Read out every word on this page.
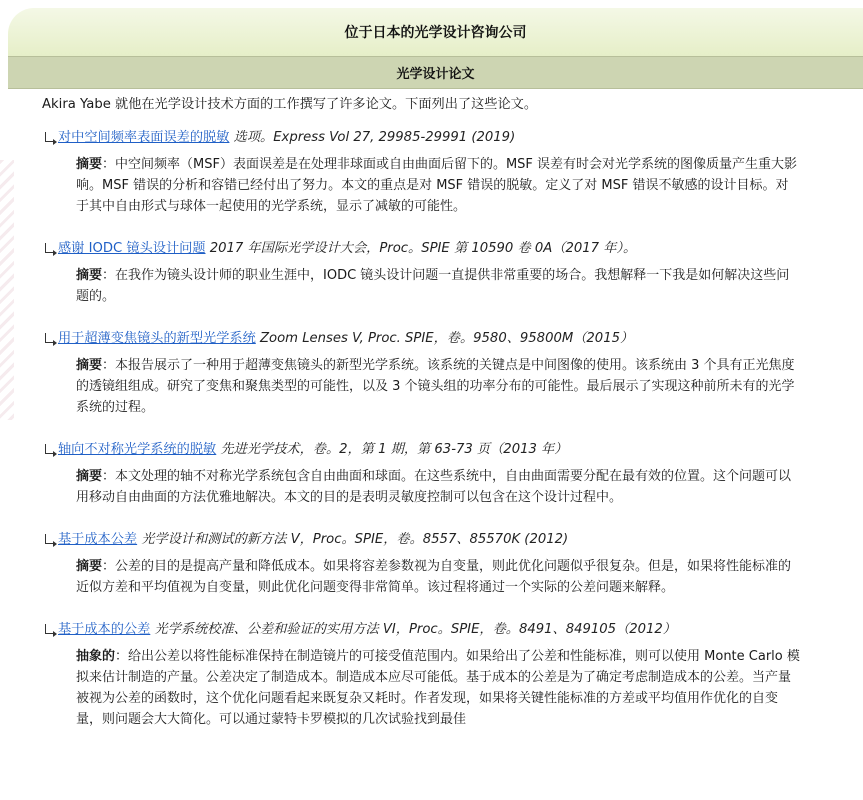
位于日本的光学设计咨询公司
光学设计论文

Akira Yabe 就他在光学设计技术方面的工作撰写了许多论文。下面列出了这些论文。

对中空间频率表面误差的脱敏 选项。Express Vol 27, 29985-29991 (2019)
摘要：中空间频率（MSF）表面误差是在处理非球面或自由曲面后留下的。MSF 误差有时会对光学系统的图像质量产生重大影响。MSF 错误的分析和容错已经付出了努力。本文的重点是对 MSF 错误的脱敏。定义了对 MSF 错误不敏感的设计目标。对于其中自由形式与球体一起使用的光学系统，显示了减敏的可能性。
感谢 IODC 镜头设计问题 2017 年国际光学设计大会，Proc。SPIE 第 10590 卷 0A（2017 年）。
摘要：在我作为镜头设计师的职业生涯中，IODC 镜头设计问题一直提供非常重要的场合。我想解释一下我是如何解决这些问题的。
用于超薄变焦镜头的新型光学系统 Zoom Lenses V, Proc. SPIE，卷。9580、95800M（2015）
摘要：本报告展示了一种用于超薄变焦镜头的新型光学系统。该系统的关键点是中间图像的使用。该系统由 3 个具有正光焦度的透镜组组成。研究了变焦和聚焦类型的可能性，以及 3 个镜头组的功率分布的可能性。最后展示了实现这种前所未有的光学系统的过程。
轴向不对称光学系统的脱敏 先进光学技术，卷。2，第 1 期，第 63-73 页（2013 年）
摘要：本文处理的轴不对称光学系统包含自由曲面和球面。在这些系统中，自由曲面需要分配在最有效的位置。这个问题可以用移动自由曲面的方法优雅地解决。本文的目的是表明灵敏度控制可以包含在这个设计过程中。
基于成本公差 光学设计和测试的新方法 V，Proc。SPIE，卷。8557、85570K (2012)
摘要：公差的目的是提高产量和降低成本。如果将容差参数视为自变量，则此优化问题似乎很复杂。但是，如果将性能标准的近似方差和平均值视为自变量，则此优化问题变得非常简单。该过程将通过一个实际的公差问题来解释。
基于成本的公差 光学系统校准、公差和验证的实用方法 VI，Proc。SPIE，卷。8491、849105（2012）
抽象的：给出公差以将性能标准保持在制造镜片的可接受值范围内。如果给出了公差和性能标准，则可以使用 Monte Carlo 模拟来估计制造的产量。公差决定了制造成本。制造成本应尽可能低。基于成本的公差是为了确定考虑制造成本的公差。当产量被视为公差的函数时，这个优化问题看起来既复杂又耗时。作者发现，如果将关键性能标准的方差或平均值用作优化的自变量，则问题会大大简化。可以通过蒙特卡罗模拟的几次试验找到最佳
